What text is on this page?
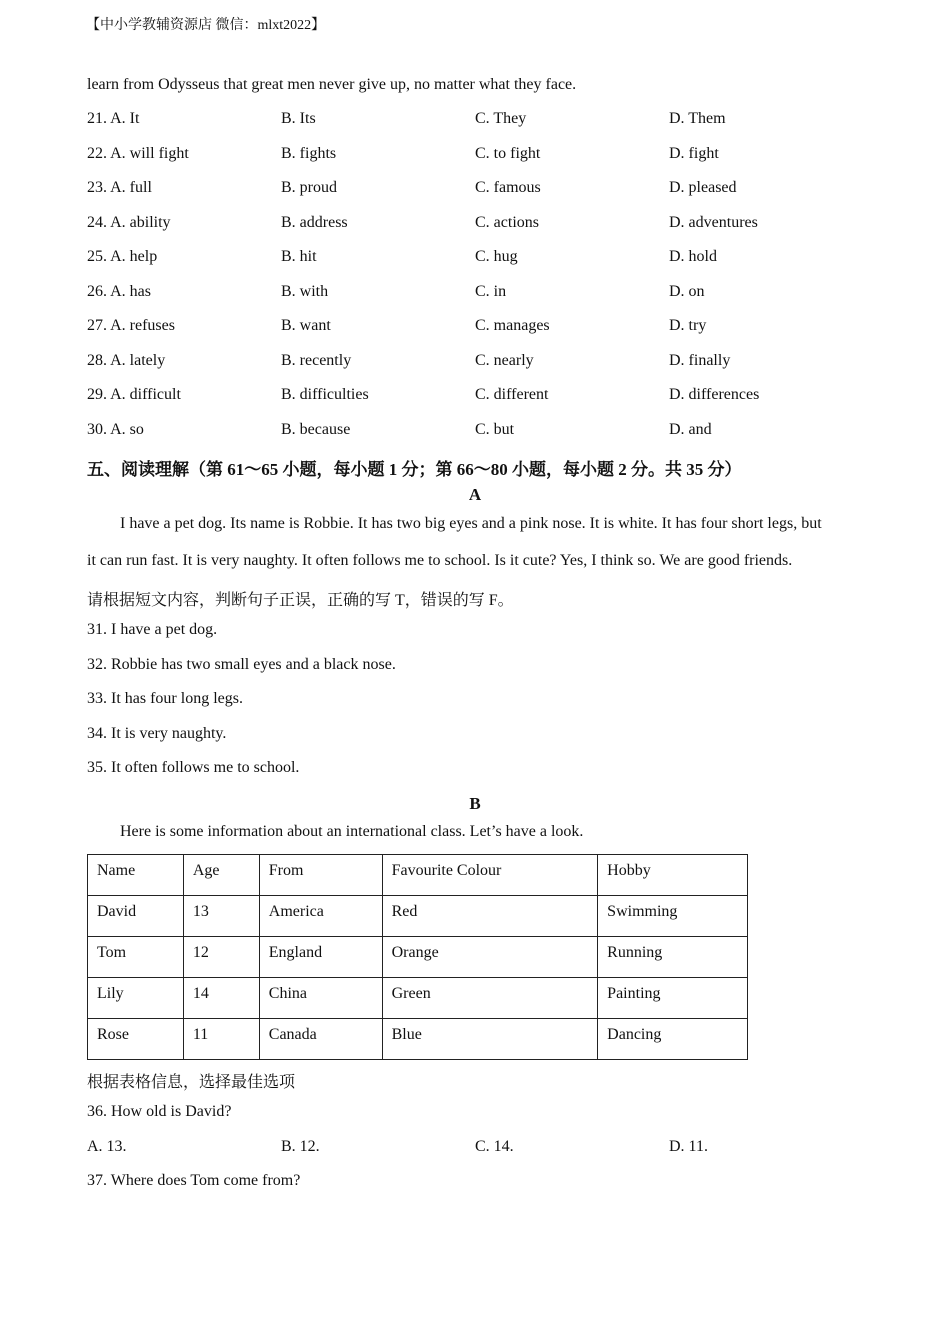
【中小学教辅资源店 微信：mlxt2022】
learn from Odysseus that great men never give up, no matter what they face.
21. A. It	B. Its	C. They	D. Them
22. A. will fight	B. fights	C. to fight	D. fight
23. A. full	B. proud	C. famous	D. pleased
24. A. ability	B. address	C. actions	D. adventures
25. A. help	B. hit	C. hug	D. hold
26. A. has	B. with	C. in	D. on
27. A. refuses	B. want	C. manages	D. try
28. A. lately	B. recently	C. nearly	D. finally
29. A. difficult	B. difficulties	C. different	D. differences
30. A. so	B. because	C. but	D. and
五、阅读理解（第 61～65 小题，每小题 1 分；第 66～80 小题，每小题 2 分。共 35 分）
A
I have a pet dog. Its name is Robbie. It has two big eyes and a pink nose. It is white. It has four short legs, but
it can run fast. It is very naughty. It often follows me to school. Is it cute? Yes, I think so. We are good friends.
请根据短文内容，判断句子正误，正确的写 T，错误的写 F。
31. I have a pet dog.
32. Robbie has two small eyes and a black nose.
33. It has four long legs.
34. It is very naughty.
35. It often follows me to school.
B
Here is some information about an international class. Let’s have a look.
Name	Age	From	Favourite Colour	Hobby
David	13	America	Red	Swimming
Tom	12	England	Orange	Running
Lily	14	China	Green	Painting
Rose	11	Canada	Blue	Dancing
根据表格信息，选择最佳选项
36. How old is David?
A. 13.	B. 12.	C. 14.	D. 11.
37. Where does Tom come from?
